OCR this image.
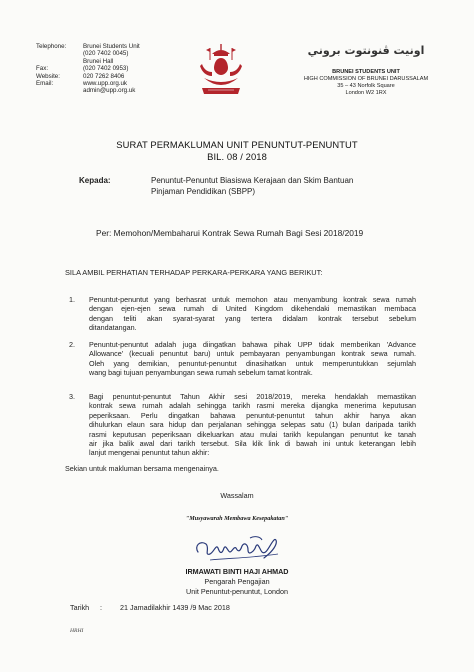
Telephone:
Fax:
Website:
Email:
Brunei Students Unit
(020 7402 0045)
Brunei Hall
(020 7402 0953)
020 7262 8406
www.upp.org.uk
admin@upp.org.uk
اونيت ڤنونتوت بروني
BRUNEI STUDENTS UNIT
HIGH COMMISSION OF BRUNEI DARUSSALAM
35 – 43 Norfolk Square
London W2 1RX
SURAT PERMAKLUMAN UNIT PENUNTUT-PENUNTUT
BIL. 08 / 2018
Kepada:	Penuntut-Penuntut Biasiswa Kerajaan dan Skim Bantuan
Pinjaman Pendidikan (SBPP)
Per: Memohon/Membaharui Kontrak Sewa Rumah Bagi Sesi 2018/2019
SILA AMBIL PERHATIAN TERHADAP PERKARA-PERKARA YANG BERIKUT:
1. Penuntut-penuntut yang berhasrat untuk memohon atau menyambung kontrak sewa rumah
dengan ejen-ejen sewa rumah di United Kingdom dikehendaki memastikan membaca
dengan teliti akan syarat-syarat yang tertera didalam kontrak tersebut sebelum
ditandatangan.
2. Penuntut-penuntut adalah juga diingatkan bahawa pihak UPP tidak memberikan 'Advance
Allowance' (kecuali penuntut baru) untuk pembayaran penyambungan kontrak sewa rumah.
Oleh yang demikian, penuntut-penuntut dinasihatkan untuk memperuntukkan sejumlah
wang bagi tujuan penyambungan sewa rumah sebelum tamat kontrak.
3. Bagi penuntut-penuntut Tahun Akhir sesi 2018/2019, mereka hendaklah memastikan
kontrak sewa rumah adalah sehingga tarikh rasmi mereka dijangka menerima keputusan
peperiksaan. Perlu dingatkan bahawa penuntut-penuntut tahun akhir hanya akan
dihulurkan elaun sara hidup dan perjalanan sehingga selepas satu (1) bulan daripada tarikh
rasmi keputusan peperiksaan dikeluarkan atau mulai tarikh kepulangan penuntut ke tanah
air jika balik awal dari tarikh tersebut. Sila klik link di bawah ini untuk keterangan lebih
lanjut mengenai penuntut tahun akhir:
Sekian untuk makluman bersama mengenainya.
Wassalam
"Musyawarah Membawa Kesepakatan"
IRMAWATI BINTI HAJI AHMAD
Pengarah Pengajian
Unit Penuntut-penuntut, London
Tarikh :	21 Jamadilakhir 1439 /9 Mac 2018
HRHI
